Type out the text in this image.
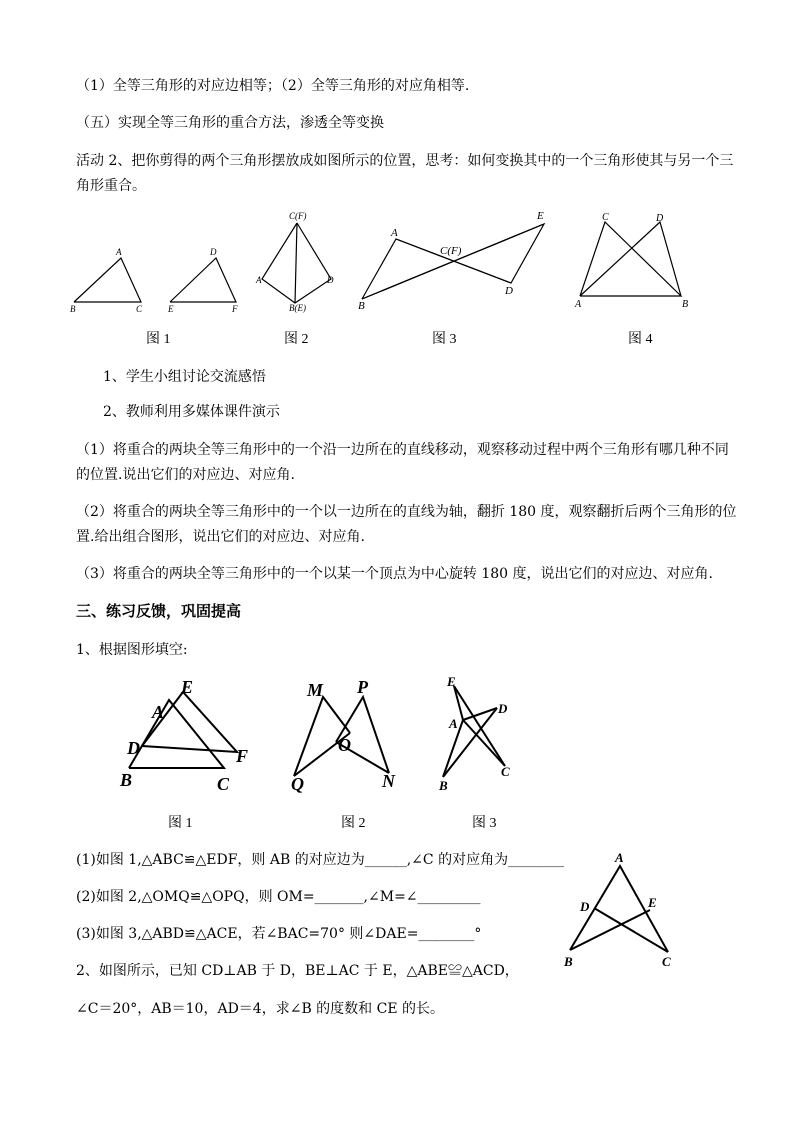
（1）全等三角形的对应边相等；（2）全等三角形的对应角相等.
（五）实现全等三角形的重合方法，渗透全等变换
活动 2、把你剪得的两个三角形摆放成如图所示的位置，思考：如何变换其中的一个三角形使其与另一个三
角形重合。
A
B	C
D
E	F
C(F)
A	D
B(E)
A
E
C(F)
B
D
C	D
A	B
图 1	图 2	图 3	图 4
1、学生小组讨论交流感悟
2、教师利用多媒体课件演示
（1）将重合的两块全等三角形中的一个沿一边所在的直线移动，观察移动过程中两个三角形有哪几种不同
的位置.说出它们的对应边、对应角.
（2）将重合的两块全等三角形中的一个以一边所在的直线为轴，翻折 180 度，观察翻折后两个三角形的位
置.给出组合图形，说出它们的对应边、对应角.
（3）将重合的两块全等三角形中的一个以某一个顶点为中心旋转 180 度，说出它们的对应边、对应角.
三、练习反馈，巩固提高
1、根据图形填空:
E
A
D	F
B	C
M P
O
Q	N
E
D
A
B
C
图 1	图 2	图 3
(1)如图 1,△ABC≌△EDF，则 AB 的对应边为______,∠C 的对应角为________
(2)如图 2,△OMQ≌△OPQ，则 OM=_______,∠M=∠_________
(3)如图 3,△ABD≌△ACE，若∠BAC=70° 则∠DAE=________°
2、如图所示，已知 CD⊥AB 于 D，BE⊥AC 于 E，△ABE≌△ACD，
∠C＝20°，AB＝10，AD＝4，求∠B 的度数和 CE 的长。
A
D	E
B	C
